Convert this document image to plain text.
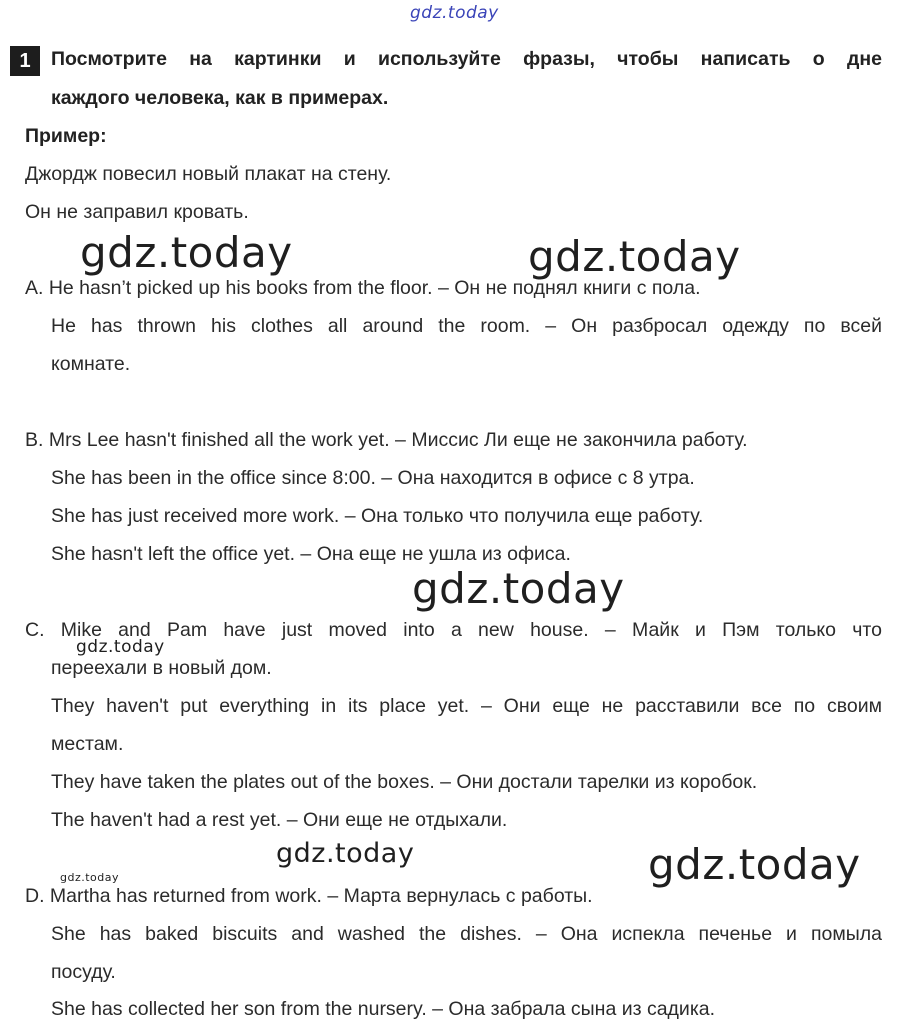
gdz.today
gdz.today	gdz.today
gdz.today
gdz.today
gdz.today
gdz.today	gdz.today
1	Посмотрите на картинки и используйте фразы, чтобы написать о дне
каждого человека, как в примерах.
Пример:
Джордж повесил новый плакат на стену.
Он не заправил кровать.
A. He hasn’t picked up his books from the floor. – Он не поднял книги с пола.
He has thrown his clothes all around the room. – Он разбросал одежду по всей
комнате.
B. Mrs Lee hasn't finished all the work yet. – Миссис Ли еще не закончила работу.
She has been in the office since 8:00. – Она находится в офисе с 8 утра.
She has just received more work. – Она только что получила еще работу.
She hasn't left the office yet. – Она еще не ушла из офиса.
C. Mike and Pam have just moved into a new house. – Майк и Пэм только что
переехали в новый дом.
They haven't put everything in its place yet. – Они еще не расставили все по своим
местам.
They have taken the plates out of the boxes. – Они достали тарелки из коробок.
The haven't had a rest yet. – Они еще не отдыхали.
D. Martha has returned from work. – Марта вернулась с работы.
She has baked biscuits and washed the dishes. – Она испекла печенье и помыла
посуду.
She has collected her son from the nursery. – Она забрала сына из садика.
